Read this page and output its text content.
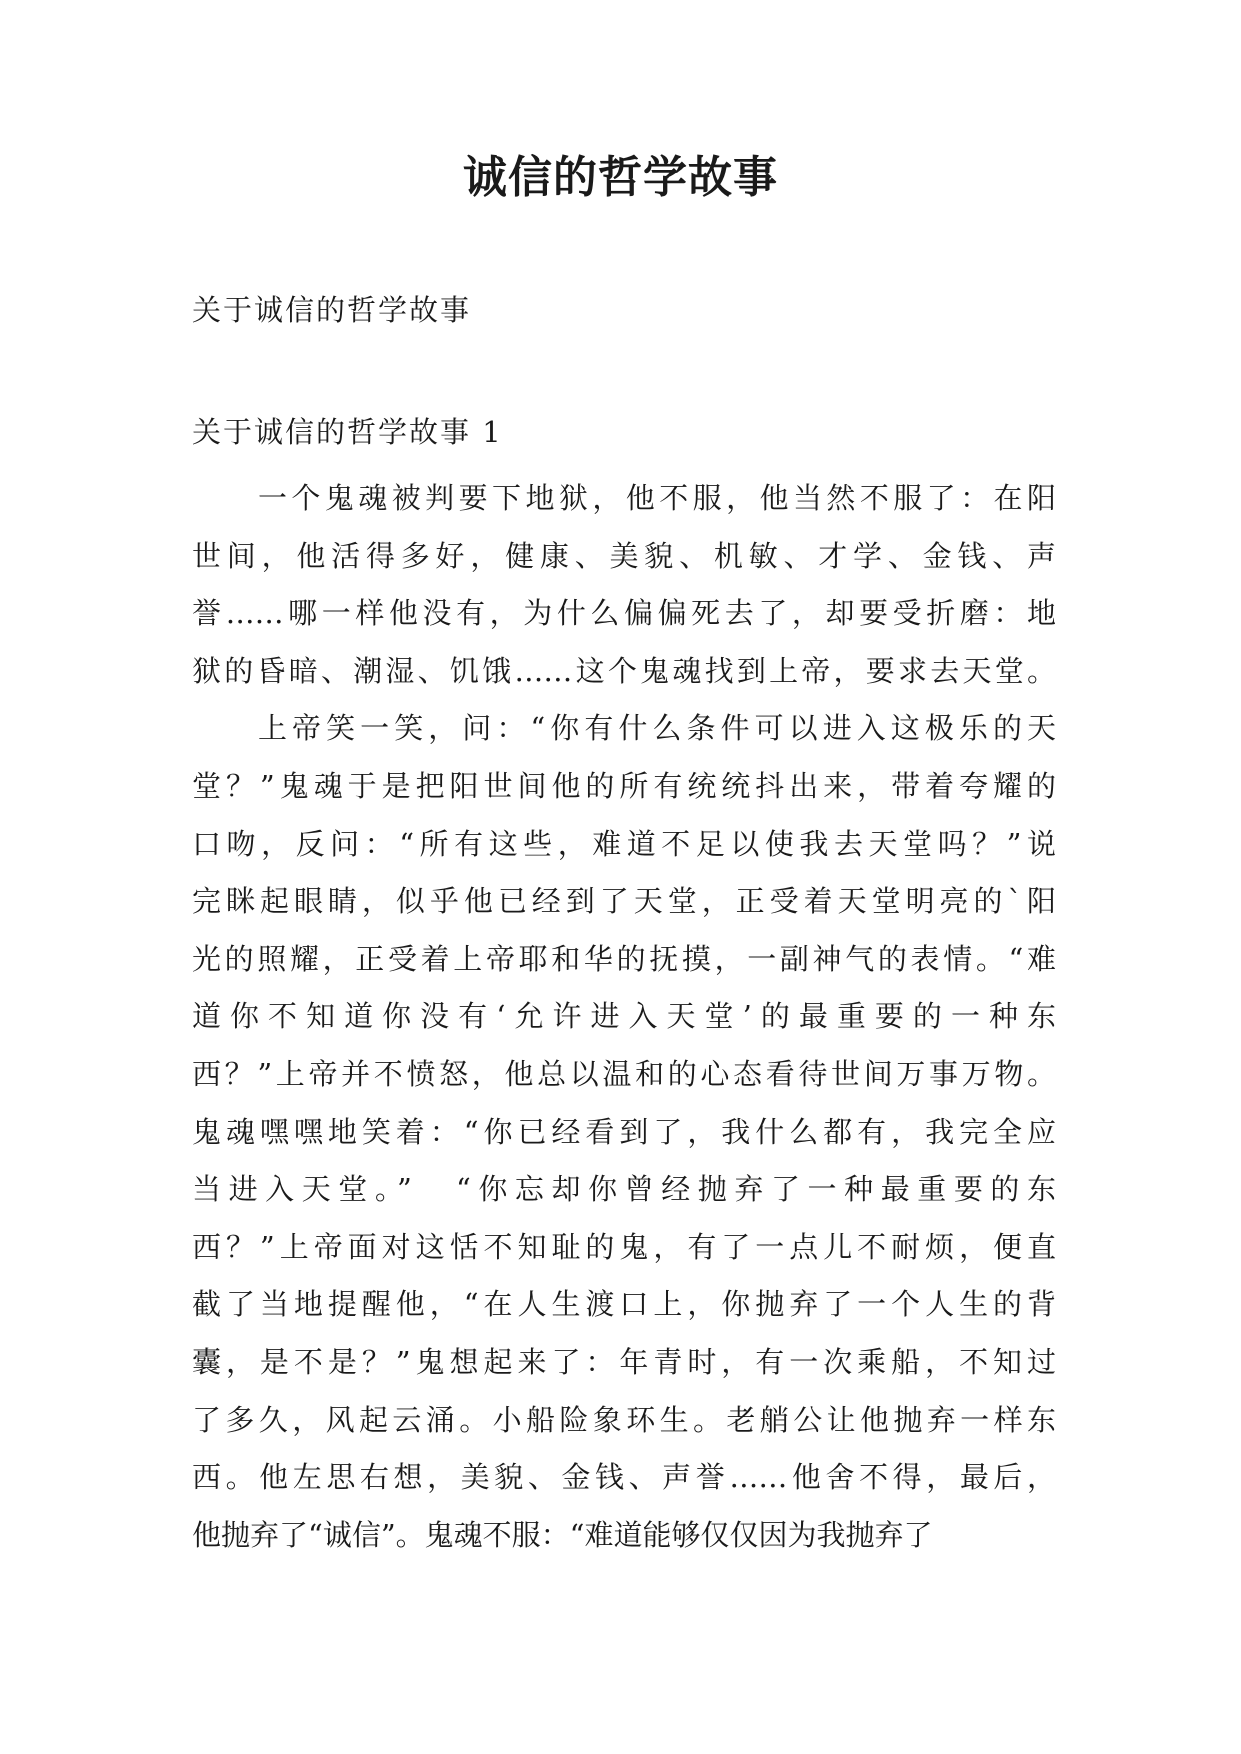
诚信的哲学故事
关于诚信的哲学故事
关于诚信的哲学故事 1
一个鬼魂被判要下地狱，他不服，他当然不服了：在阳
世间，他活得多好，健康、美貌、机敏、才学、金钱、声
誉……哪一样他没有，为什么偏偏死去了，却要受折磨：地
狱的昏暗、潮湿、饥饿……这个鬼魂找到上帝，要求去天堂。
上帝笑一笑，问：“你有什么条件可以进入这极乐的天
堂？”鬼魂于是把阳世间他的所有统统抖出来，带着夸耀的
口吻，反问：“所有这些，难道不足以使我去天堂吗？”说
完眯起眼睛，似乎他已经到了天堂，正受着天堂明亮的`阳
光的照耀，正受着上帝耶和华的抚摸，一副神气的表情。“难
道你不知道你没有‘允许进入天堂’的最重要的一种东
西？”上帝并不愤怒，他总以温和的心态看待世间万事万物。
鬼魂嘿嘿地笑着：“你已经看到了，我什么都有，我完全应
当进入天堂。”　“你忘却你曾经抛弃了一种最重要的东
西？”上帝面对这恬不知耻的鬼，有了一点儿不耐烦，便直
截了当地提醒他，“在人生渡口上，你抛弃了一个人生的背
囊，是不是？”鬼想起来了：年青时，有一次乘船，不知过
了多久，风起云涌。小船险象环生。老艄公让他抛弃一样东
西。他左思右想，美貌、金钱、声誉……他舍不得，最后，
他抛弃了“诚信”。鬼魂不服：“难道能够仅仅因为我抛弃了
